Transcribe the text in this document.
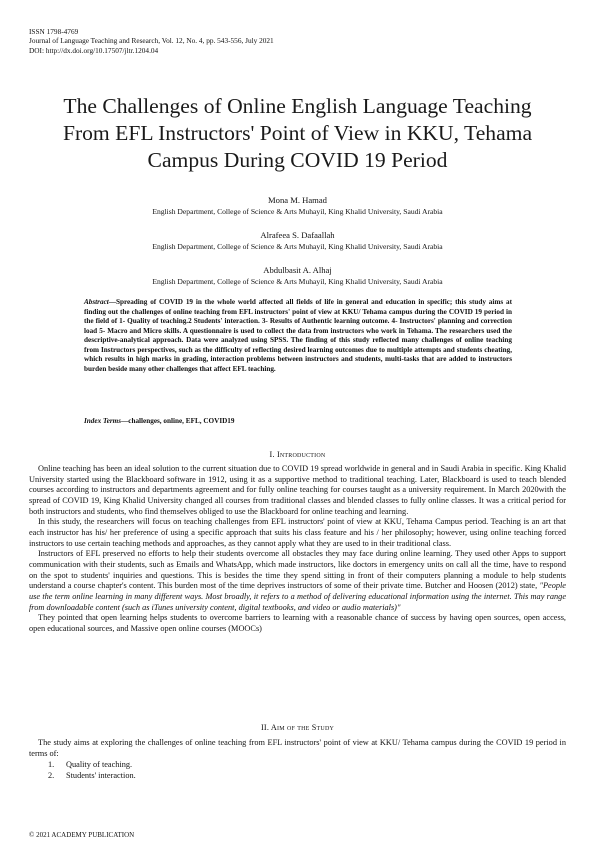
ISSN 1798-4769
Journal of Language Teaching and Research, Vol. 12, No. 4, pp. 543-556, July 2021
DOI: http://dx.doi.org/10.17507/jltr.1204.04
The Challenges of Online English Language Teaching From EFL Instructors' Point of View in KKU, Tehama Campus During COVID 19 Period
Mona M. Hamad
English Department, College of Science & Arts Muhayil, King Khalid University, Saudi Arabia
Alrafeea S. Dafaallah
English Department, College of Science & Arts Muhayil, King Khalid University, Saudi Arabia
Abdulbasit A. Alhaj
English Department, College of Science & Arts Muhayil, King Khalid University, Saudi Arabia
Abstract—Spreading of COVID 19 in the whole world affected all fields of life in general and education in specific; this study aims at finding out the challenges of online teaching from EFL instructors' point of view at KKU/ Tehama campus during the COVID 19 period in the field of 1- Quality of teaching.2 Students' interaction. 3- Results of Authentic learning outcome. 4- Instructors' planning and correction load 5- Macro and Micro skills. A questionnaire is used to collect the data from instructors who work in Tehama. The researchers used the descriptive-analytical approach. Data were analyzed using SPSS. The finding of this study reflected many challenges of online teaching from Instructors perspectives, such as the difficulty of reflecting desired learning outcomes due to multiple attempts and students cheating, which results in high marks in grading, interaction problems between instructors and students, multi-tasks that are added to instructors burden beside many other challenges that affect EFL teaching.
Index Terms—challenges, online, EFL, COVID19
I. Introduction

Online teaching has been an ideal solution to the current situation due to COVID 19 spread worldwide in general and in Saudi Arabia in specific. King Khalid University started using the Blackboard software in 1912, using it as a supportive method to traditional teaching. Later, Blackboard is used to teach blended courses according to instructors and departments agreement and for fully online teaching for courses taught as a university requirement. In March 2020with the spread of COVID 19, King Khalid University changed all courses from traditional classes and blended classes to fully online classes. It was a critical period for both instructors and students, who find themselves obliged to use the Blackboard for online teaching and learning.

In this study, the researchers will focus on teaching challenges from EFL instructors' point of view at KKU, Tehama Campus period. Teaching is an art that each instructor has his/ her preference of using a specific approach that suits his class feature and his / her philosophy; however, using online teaching forced instructors to use certain teaching methods and approaches, as they cannot apply what they are used to in their traditional class.

Instructors of EFL preserved no efforts to help their students overcome all obstacles they may face during online learning. They used other Apps to support communication with their students, such as Emails and WhatsApp, which made instructors, like doctors in emergency units on call all the time, have to respond on the spot to students' inquiries and questions. This is besides the time they spend sitting in front of their computers planning a module to help students understand a course chapter's content. This burden most of the time deprives instructors of some of their private time. Butcher and Hoosen (2012) state, "People use the term online learning in many different ways. Most broadly, it refers to a method of delivering educational information using the internet. This may range from downloadable content (such as iTunes university content, digital textbooks, and video or audio materials)"

They pointed that open learning helps students to overcome barriers to learning with a reasonable chance of success by having open sources, open access, open educational sources, and Massive open online courses (MOOCs)

II. Aim of the Study

The study aims at exploring the challenges of online teaching from EFL instructors' point of view at KKU/ Tehama campus during the COVID 19 period in terms of:

1. Quality of teaching.
2. Students' interaction.
© 2021 ACADEMY PUBLICATION
